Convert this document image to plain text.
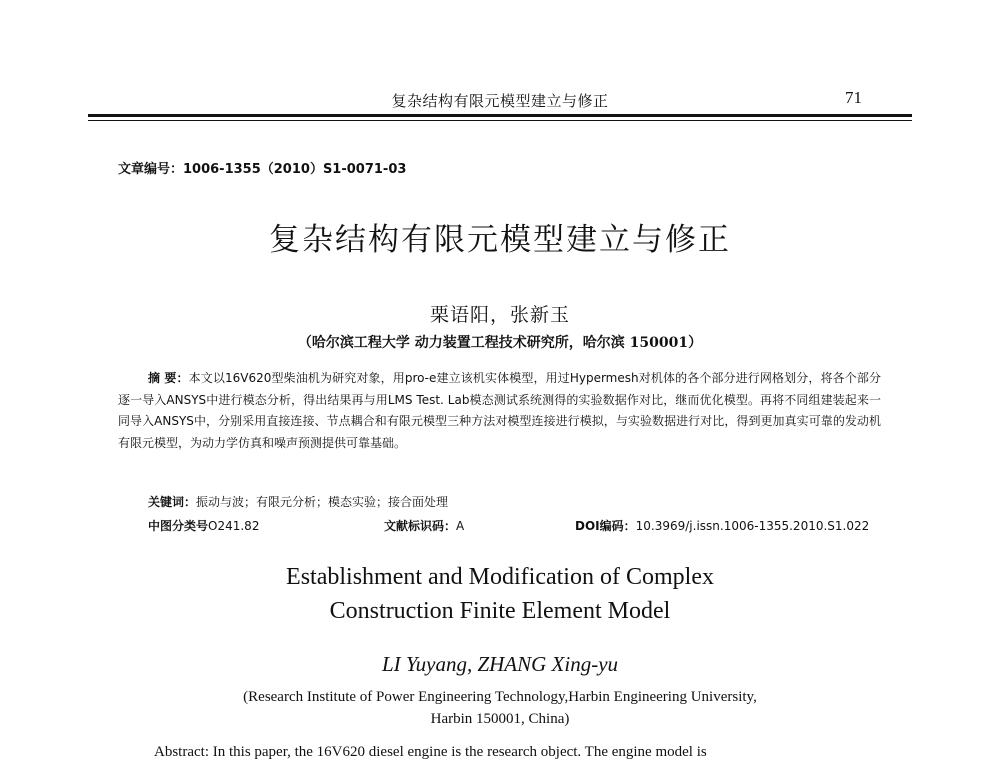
复杂结构有限元模型建立与修正	71
文章编号：1006-1355（2010）S1-0071-03
复杂结构有限元模型建立与修正
栗语阳，张新玉
（哈尔滨工程大学 动力装置工程技术研究所，哈尔滨 150001）

摘 要：本文以16V620型柴油机为研究对象，用pro-e建立该机实体模型，用过Hypermesh对机体的各个部分进行网格划分，将各个部分逐一导入ANSYS中进行模态分析，得出结果再与用LMS Test. Lab模态测试系统测得的实验数据作对比，继而优化模型。再将不同组建装起来一同导入ANSYS中，分别采用直接连接、节点耦合和有限元模型三种方法对模型连接进行模拟，与实验数据进行对比，得到更加真实可靠的发动机有限元模型，为动力学仿真和噪声预测提供可靠基础。

关键词：振动与波；有限元分析；模态实验；接合面处理
中图分类号O241.82	文献标识码：A	DOI编码：10.3969/j.issn.1006-1355.2010.S1.022
Establishment and Modification of Complex
Construction Finite Element Model
LI Yuyang, ZHANG Xing-yu
(Research Institute of Power Engineering Technology,Harbin Engineering University,
Harbin 150001, China)
Abstract: In this paper, the 16V620 diesel engine is the research object. The engine model is
